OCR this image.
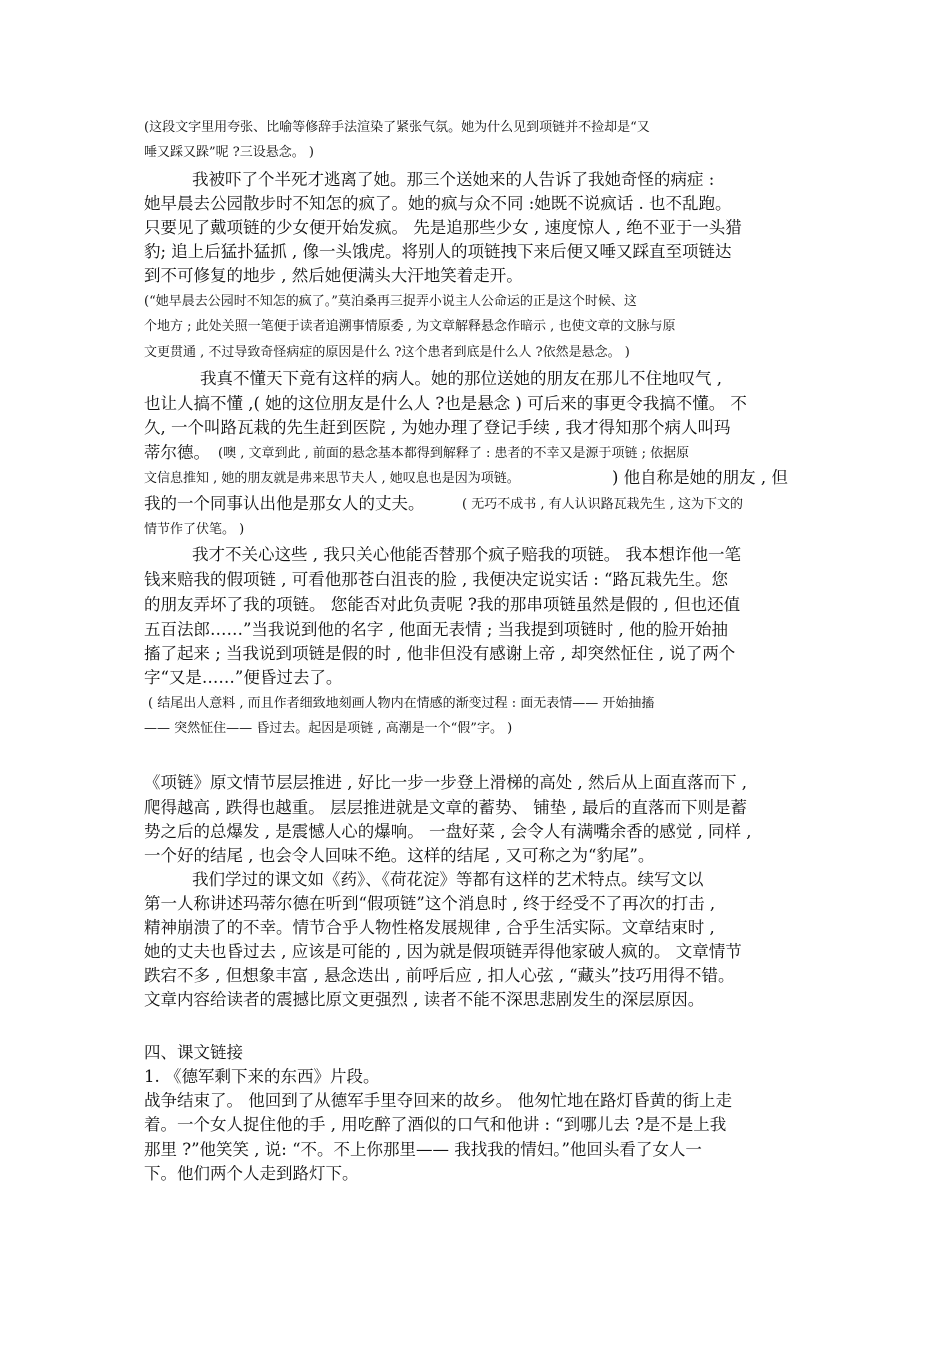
(这段文字里用夸张、比喻等修辞手法渲染了紧张气氛。她为什么见到项链并不捡却是“又
唾又踩又跺”呢 ?三设悬念。 )
我被吓了个半死才逃离了她。那三个送她来的人告诉了我她奇怪的病症 :
她早晨去公园散步时不知怎的疯了。她的疯与众不同 :她既不说疯话 . 也不乱跑。
只要见了戴项链的少女便开始发疯。 先是追那些少女 , 速度惊人 , 绝不亚于一头猎
豹; 追上后猛扑猛抓 , 像一头饿虎。将别人的项链拽下来后便又唾又踩直至项链达
到不可修复的地步 , 然后她便满头大汗地笑着走开。
(“她早晨去公园时不知怎的疯了。”莫泊桑再三捉弄小说主人公命运的正是这个时候、这
个地方 ; 此处关照一笔便于读者追溯事情原委 , 为文章解释悬念作暗示 , 也使文章的文脉与原
文更贯通 , 不过导致奇怪病症的原因是什么 ?这个患者到底是什么人 ?依然是悬念。 )
我真不懂天下竟有这样的病人。她的那位送她的朋友在那儿不住地叹气 ,
也让人搞不懂 ,( 她的这位朋友是什么人 ?也是悬念 ) 可后来的事更令我搞不懂。 不
久, 一个叫路瓦栽的先生赶到医院 , 为她办理了登记手续 , 我才得知那个病人叫玛
蒂尔德。 (噢 , 文章到此 , 前面的悬念基本都得到解释了 : 患者的不幸又是源于项链 ; 依据原
文信息推知 , 她的朋友就是弗来思节夫人 , 她叹息也是因为项链。	) 他自称是她的朋友 , 但
我的一个同事认出他是那女人的丈夫。	( 无巧不成书 , 有人认识路瓦栽先生 , 这为下文的
情节作了伏笔。 )
我才不关心这些 , 我只关心他能否替那个疯子赔我的项链。 我本想诈他一笔
钱来赔我的假项链 , 可看他那苍白沮丧的脸 , 我便决定说实话 : “路瓦栽先生。您
的朋友弄坏了我的项链。 您能否对此负责呢 ?我的那串项链虽然是假的 , 但也还值
五百法郎……”当我说到他的名字 , 他面无表情 ; 当我提到项链时 , 他的脸开始抽
搐了起来 ; 当我说到项链是假的时 , 他非但没有感谢上帝 , 却突然怔住 , 说了两个
字“又是……”便昏过去了。
( 结尾出人意料 , 而且作者细致地刻画人物内在情感的渐变过程 : 面无表情—— 开始抽搐
—— 突然怔住—— 昏过去。起因是项链 , 高潮是一个“假”字。 )
《项链》原文情节层层推进 , 好比一步一步登上滑梯的高处 , 然后从上面直落而下 ,
爬得越高 , 跌得也越重。 层层推进就是文章的蓄势、 铺垫 , 最后的直落而下则是蓄
势之后的总爆发 , 是震憾人心的爆响。 一盘好菜 , 会令人有满嘴余香的感觉 , 同样 ,
一个好的结尾 , 也会令人回味不绝。这样的结尾 , 又可称之为“豹尾”。
我们学过的课文如《药》、《荷花淀》等都有这样的艺术特点。续写文以
第一人称讲述玛蒂尔德在听到“假项链”这个消息时 , 终于经受不了再次的打击 ,
精神崩溃了的不幸。情节合乎人物性格发展规律 , 合乎生活实际。文章结束时 ,
她的丈夫也昏过去 , 应该是可能的 , 因为就是假项链弄得他家破人疯的。 文章情节
跌宕不多 , 但想象丰富 , 悬念迭出 , 前呼后应 , 扣人心弦 , “藏头”技巧用得不错。
文章内容给读者的震撼比原文更强烈 , 读者不能不深思悲剧发生的深层原因。
四、课文链接
1. 《德军剩下来的东西》片段。
战争结束了。 他回到了从德军手里夺回来的故乡。 他匆忙地在路灯昏黄的街上走
着。一个女人捉住他的手 , 用吃醉了酒似的口气和他讲 : “到哪儿去 ?是不是上我
那里 ?”他笑笑 , 说: “不。不上你那里—— 我找我的情妇。”他回头看了女人一
下。他们两个人走到路灯下。
